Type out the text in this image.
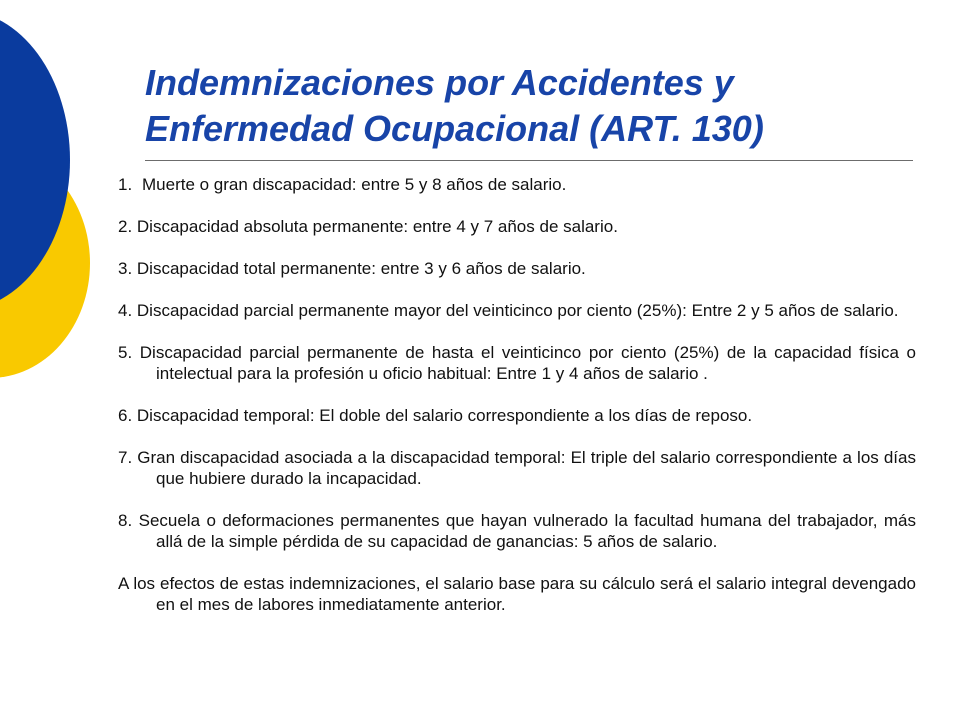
Indemnizaciones por Accidentes y
Enfermedad Ocupacional (ART. 130)

1. Muerte o gran discapacidad: entre 5 y 8 años de salario.

2. Discapacidad absoluta permanente: entre 4 y 7 años de salario.

3. Discapacidad total permanente: entre 3 y 6 años de salario.

4. Discapacidad parcial permanente mayor del veinticinco por ciento (25%): Entre 2 y 5 años de salario.

5. Discapacidad parcial permanente de hasta el veinticinco por ciento (25%) de la capacidad física o intelectual para la profesión u oficio habitual: Entre 1 y 4 años de salario .

6. Discapacidad temporal: El doble del salario correspondiente a los días de reposo.

7. Gran discapacidad asociada a la discapacidad temporal: El triple del salario correspondiente a los días que hubiere durado la incapacidad.

8. Secuela o deformaciones permanentes que hayan vulnerado la facultad humana del trabajador, más allá de la simple pérdida de su capacidad de ganancias: 5 años de salario.

A los efectos de estas indemnizaciones, el salario base para su cálculo será el salario integral devengado en el mes de labores inmediatamente anterior.
